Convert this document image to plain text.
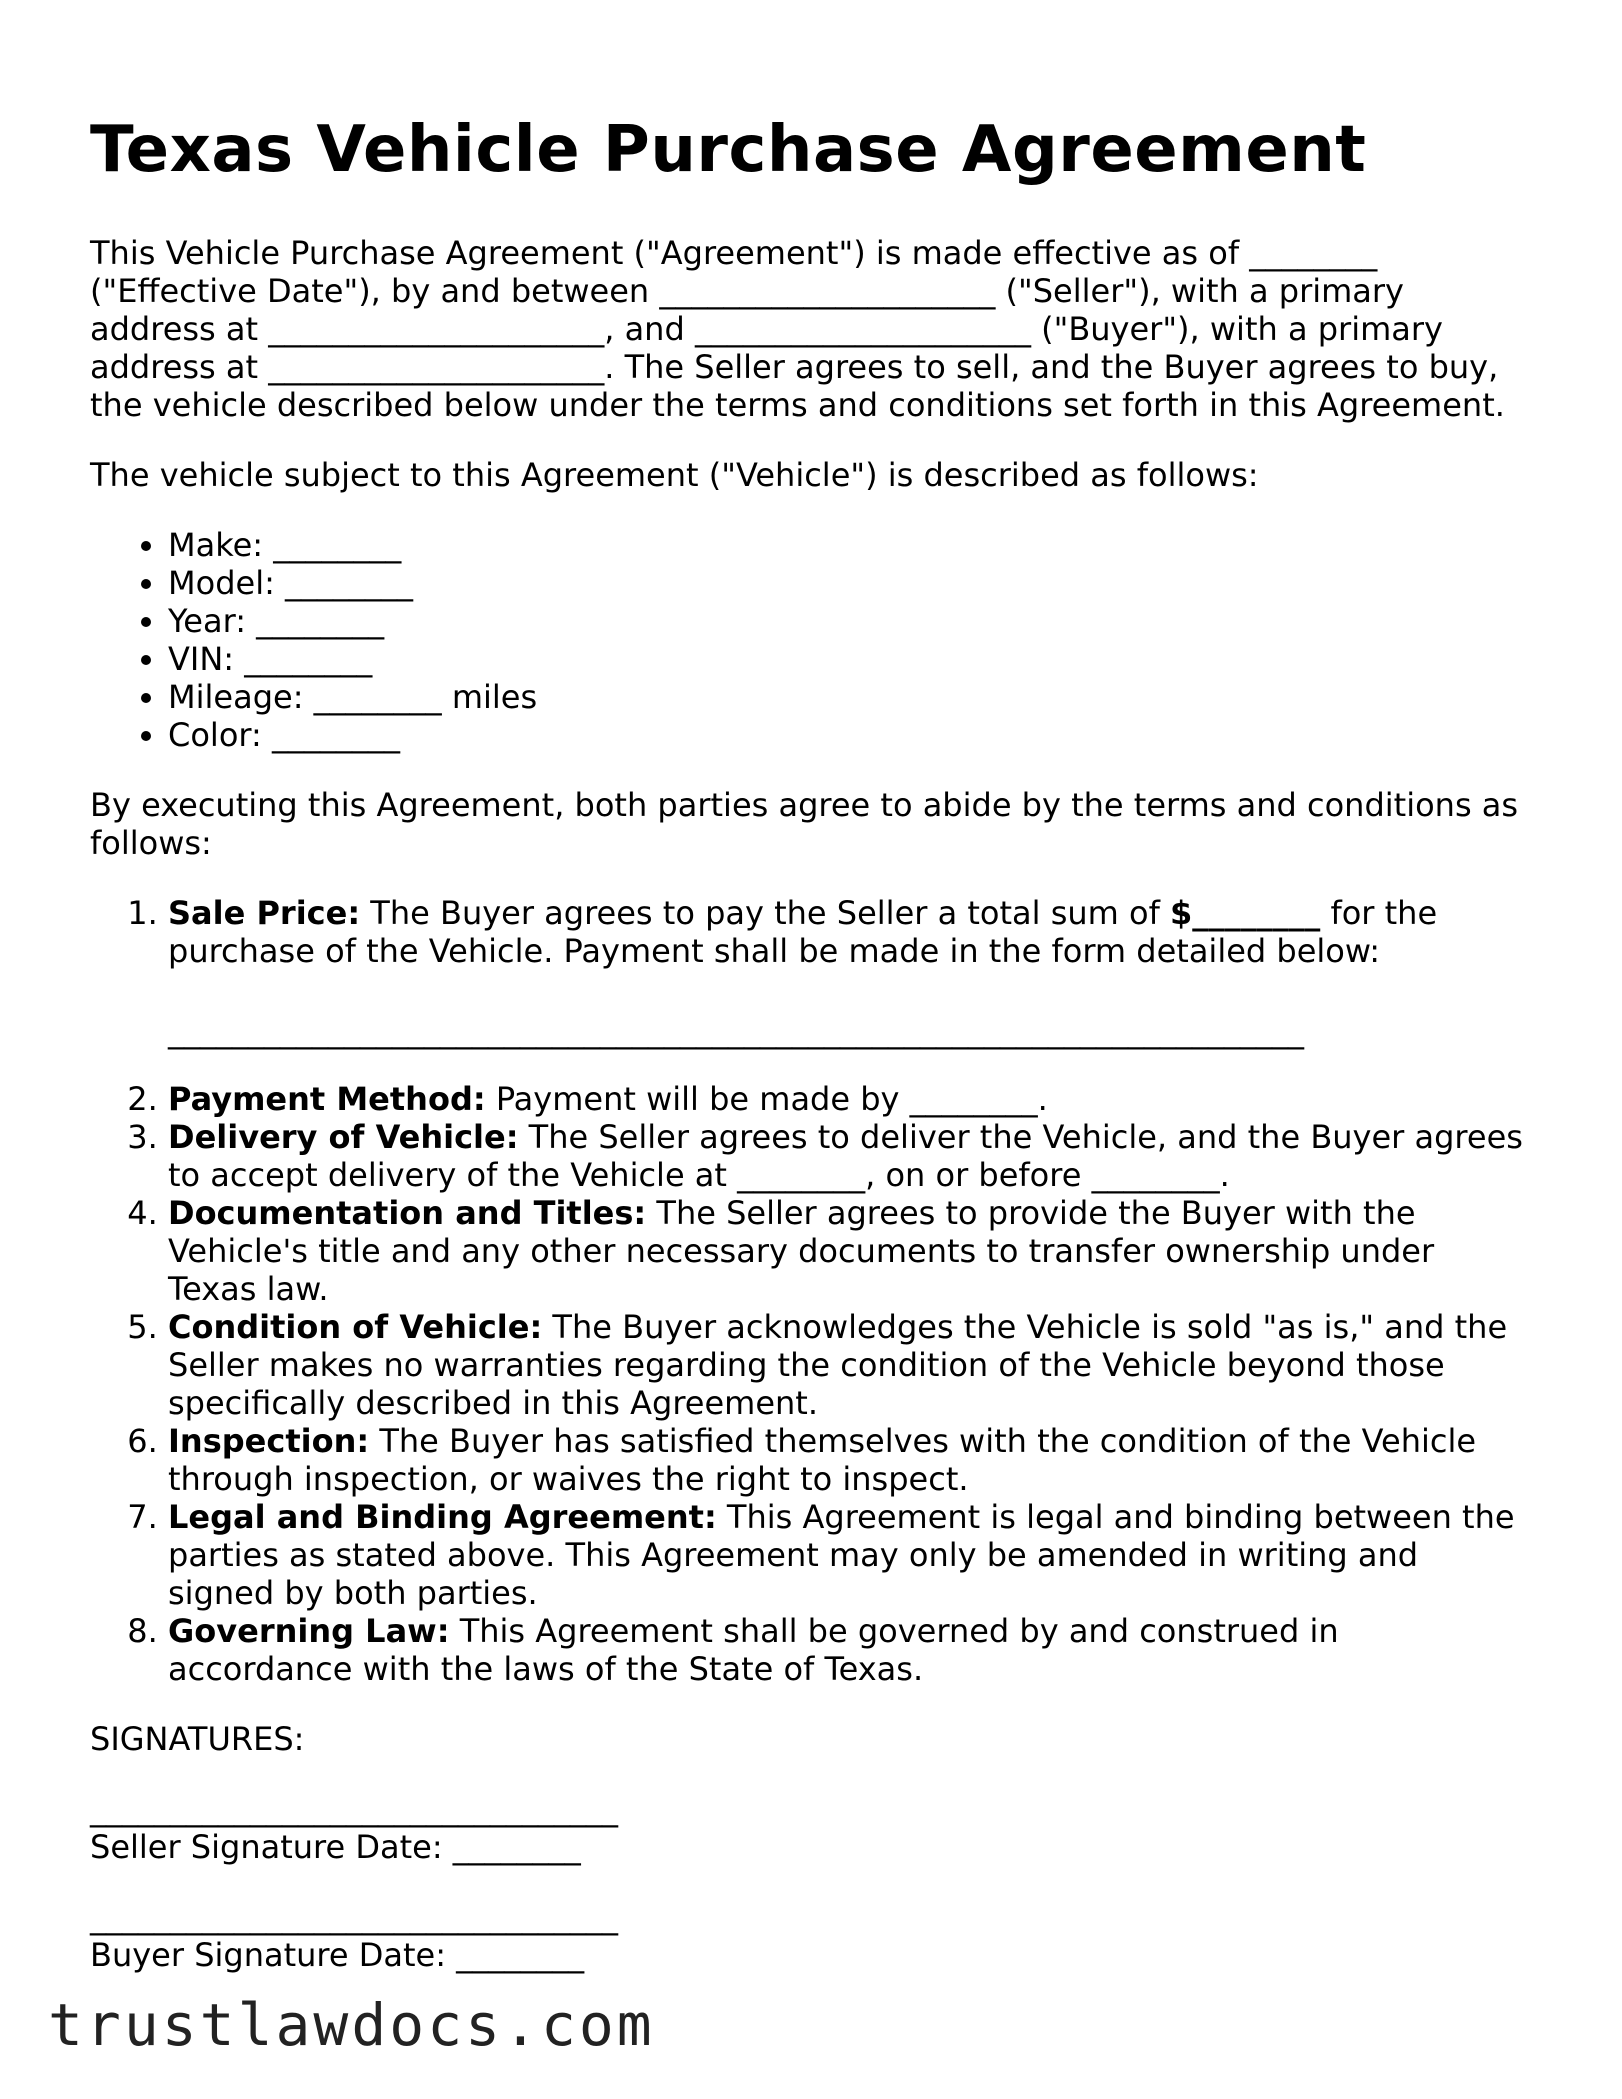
Texas Vehicle Purchase Agreement

This Vehicle Purchase Agreement ("Agreement") is made effective as of ________ ("Effective Date"), by and between _____________________ ("Seller"), with a primary address at _____________________, and _____________________ ("Buyer"), with a primary address at _____________________. The Seller agrees to sell, and the Buyer agrees to buy, the vehicle described below under the terms and conditions set forth in this Agreement.

The vehicle subject to this Agreement ("Vehicle") is described as follows:

• Make: ________
• Model: ________
• Year: ________
• VIN: ________
• Mileage: ________ miles
• Color: ________

By executing this Agreement, both parties agree to abide by the terms and conditions as follows:

1. Sale Price: The Buyer agrees to pay the Seller a total sum of $________ for the purchase of the Vehicle. Payment shall be made in the form detailed below:
_______________________________________________________________________
2. Payment Method: Payment will be made by ________.
3. Delivery of Vehicle: The Seller agrees to deliver the Vehicle, and the Buyer agrees to accept delivery of the Vehicle at ________, on or before ________.
4. Documentation and Titles: The Seller agrees to provide the Buyer with the Vehicle's title and any other necessary documents to transfer ownership under Texas law.
5. Condition of Vehicle: The Buyer acknowledges the Vehicle is sold "as is," and the Seller makes no warranties regarding the condition of the Vehicle beyond those specifically described in this Agreement.
6. Inspection: The Buyer has satisfied themselves with the condition of the Vehicle through inspection, or waives the right to inspect.
7. Legal and Binding Agreement: This Agreement is legal and binding between the parties as stated above. This Agreement may only be amended in writing and signed by both parties.
8. Governing Law: This Agreement shall be governed by and construed in accordance with the laws of the State of Texas.
SIGNATURES:
_________________________________
Seller Signature Date: ________
_________________________________
Buyer Signature Date: ________
trustlawdocs.com
